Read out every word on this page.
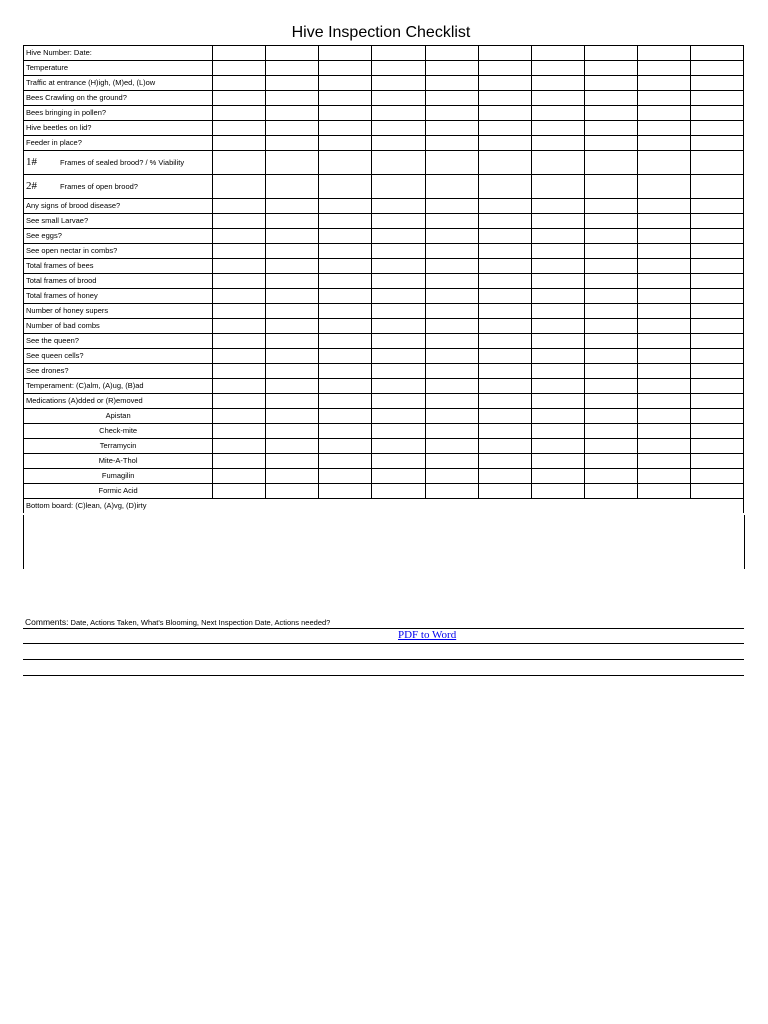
Hive Inspection Checklist
Hive Number: Date:										
Temperature										
Traffic at entrance (H)igh, (M)ed, (L)ow										
Bees Crawling on the ground?										
Bees bringing in pollen?										
Hive beetles on lid?										
Feeder in place?										
1# Frames of sealed brood? / % Viability										
2# Frames of open brood?										
Any signs of brood disease?										
See small Larvae?										
See eggs?										
See open nectar in combs?										
Total frames of bees										
Total frames of brood										
Total frames of honey										
Number of honey supers										
Number of bad combs										
See the queen?										
See queen cells?										
See drones?										
Temperament: (C)alm, (A)ug, (B)ad										
Medications (A)dded or (R)emoved										
Apistan										
Check-mite										
Terramycin										
Mite-A-Thol										
Fumagilin										
Formic Acid										
Bottom board: (C)lean, (A)vg, (D)irty										
Comments: Date, Actions Taken, What's Blooming, Next Inspection Date, Actions needed?
PDF to Word
